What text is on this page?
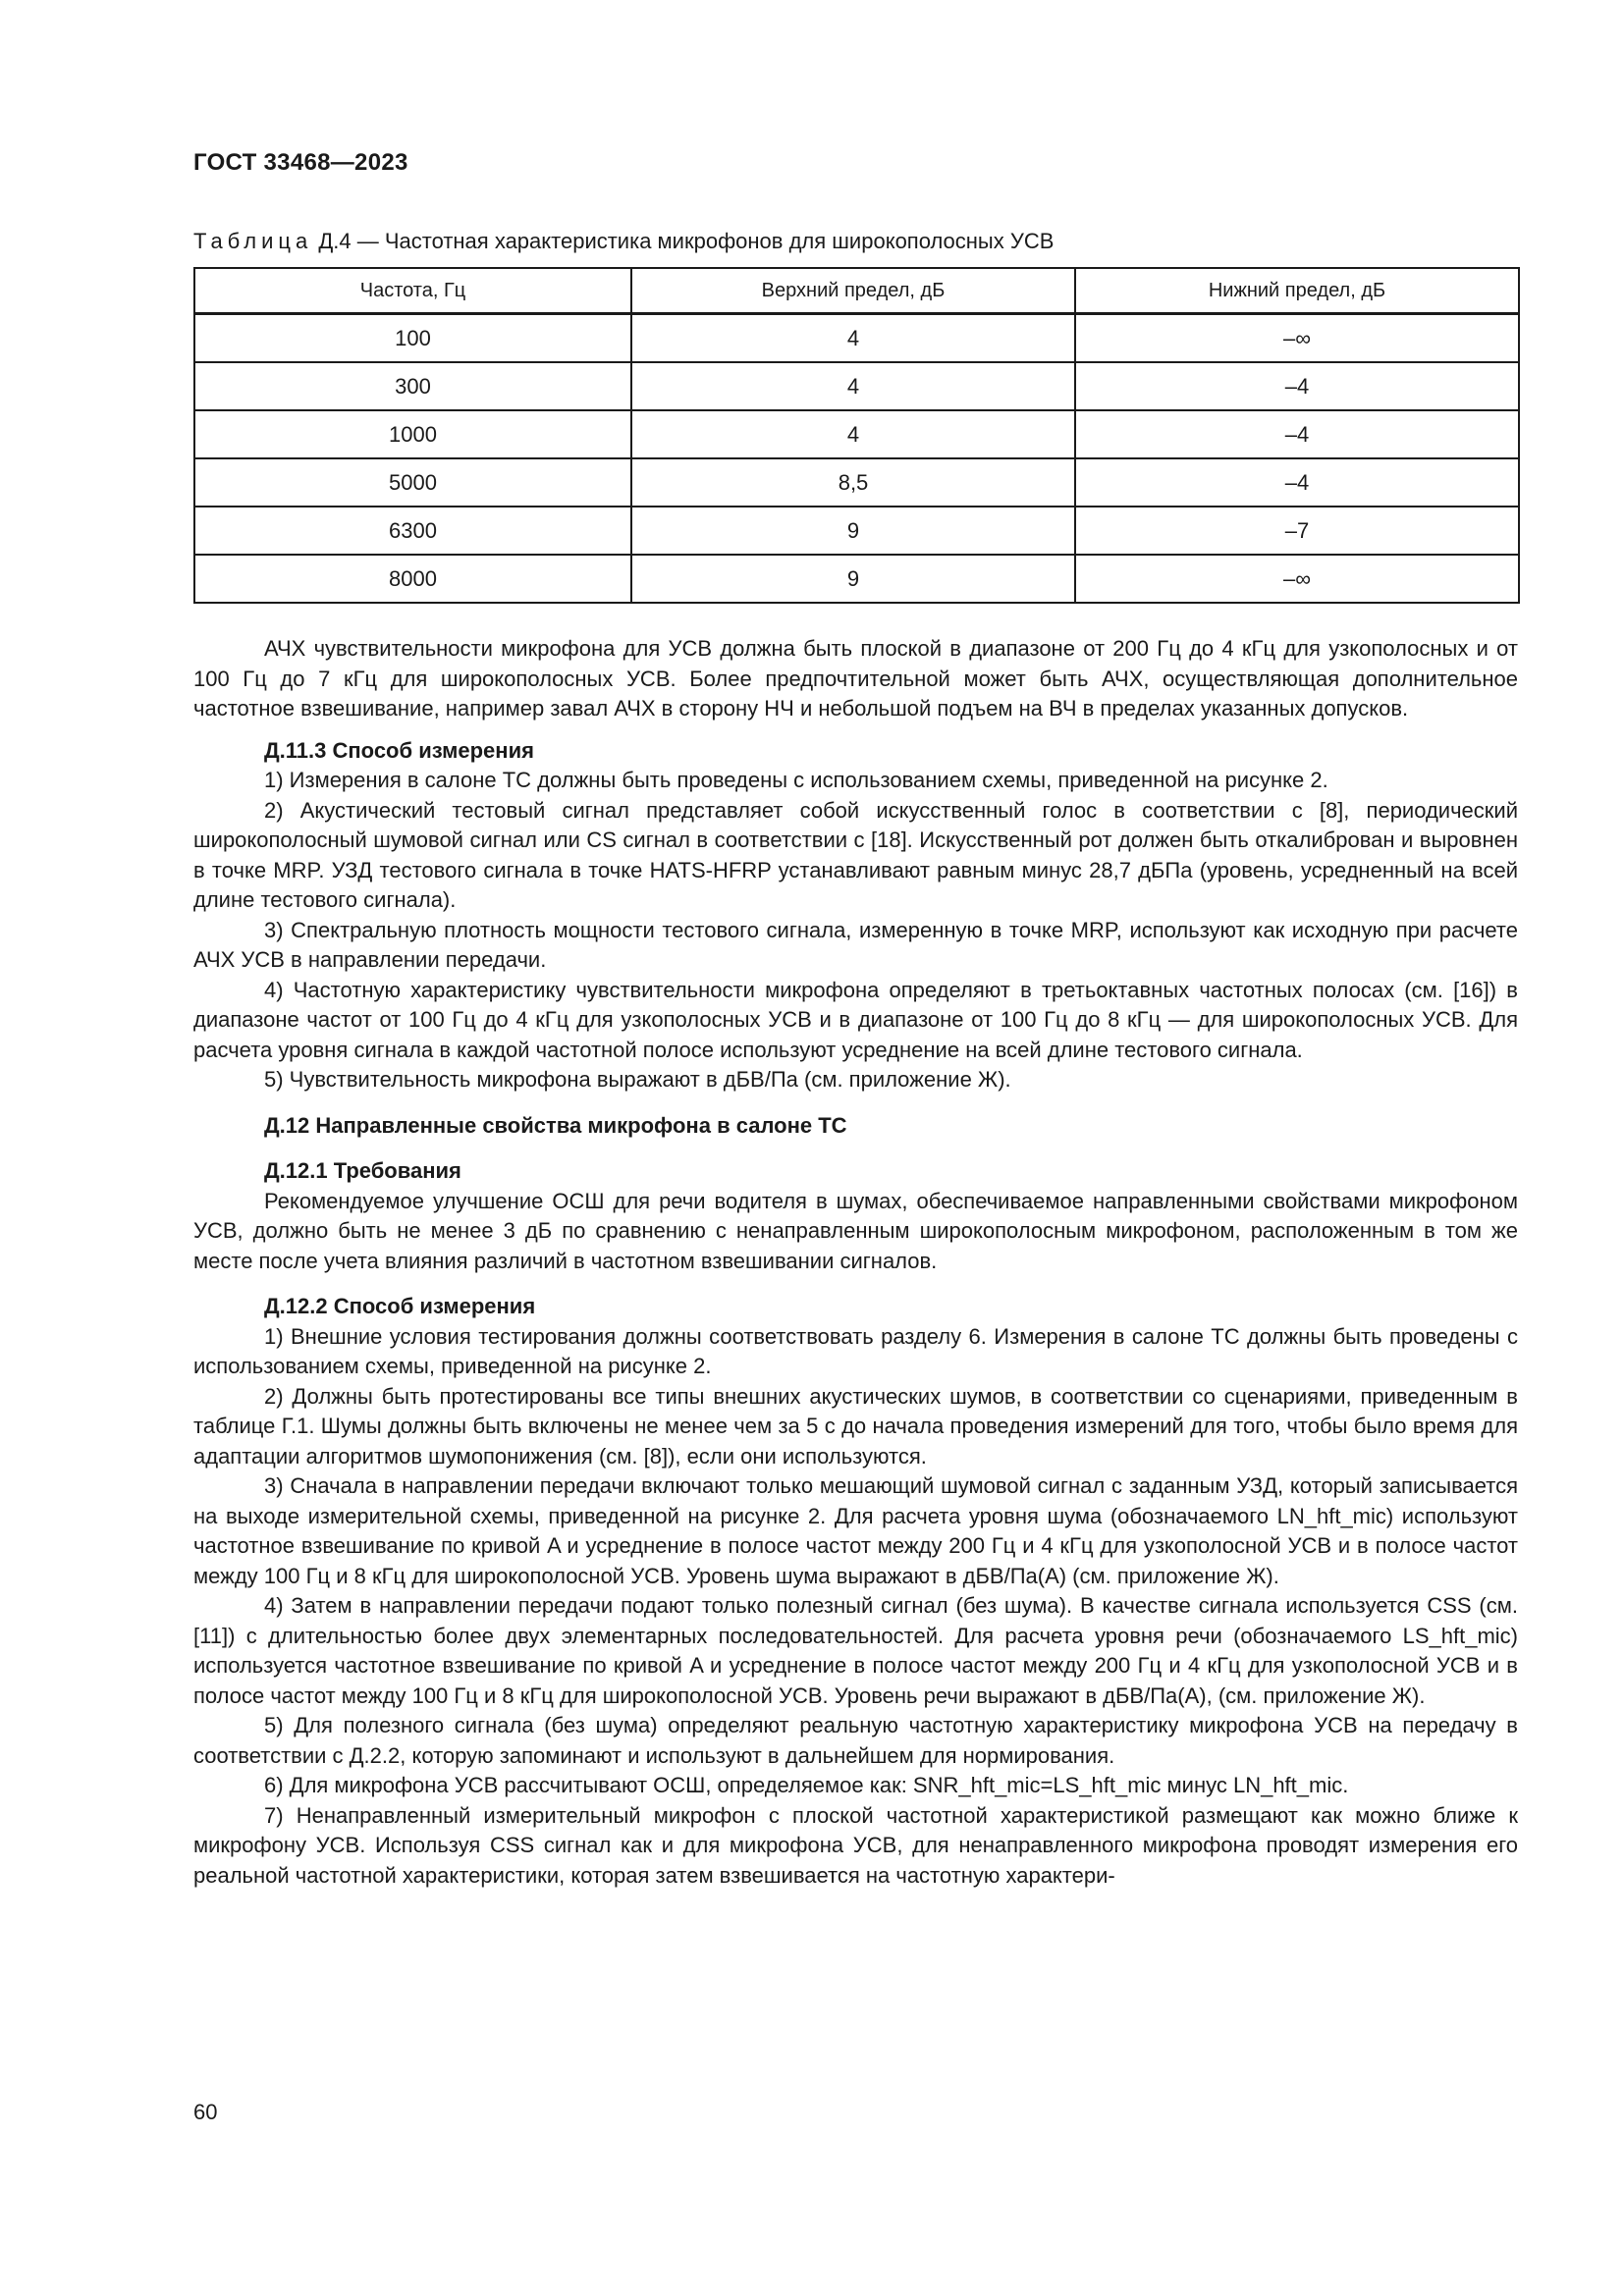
ГОСТ 33468—2023
Таблица Д.4 — Частотная характеристика микрофонов для широкополосных УСВ
Частота, Гц	Верхний предел, дБ	Нижний предел, дБ
100	4	–∞
300	4	–4
1000	4	–4
5000	8,5	–4
6300	9	–7
8000	9	–∞

АЧХ чувствительности микрофона для УСВ должна быть плоской в диапазоне от 200 Гц до 4 кГц для узкополосных и от 100 Гц до 7 кГц для широкополосных УСВ. Более предпочтительной может быть АЧХ, осуществляющая дополнительное частотное взвешивание, например завал АЧХ в сторону НЧ и небольшой подъем на ВЧ в пределах указанных допусков.

Д.11.3 Способ измерения

1) Измерения в салоне ТС должны быть проведены с использованием схемы, приведенной на рисунке 2.

2) Акустический тестовый сигнал представляет собой искусственный голос в соответствии с [8], периодический широкополосный шумовой сигнал или CS сигнал в соответствии с [18]. Искусственный рот должен быть откалиброван и выровнен в точке MRP. УЗД тестового сигнала в точке HATS-HFRP устанавливают равным минус 28,7 дБПа (уровень, усредненный на всей длине тестового сигнала).

3) Спектральную плотность мощности тестового сигнала, измеренную в точке MRP, используют как исходную при расчете АЧХ УСВ в направлении передачи.

4) Частотную характеристику чувствительности микрофона определяют в третьоктавных частотных полосах (см. [16]) в диапазоне частот от 100 Гц до 4 кГц для узкополосных УСВ и в диапазоне от 100 Гц до 8 кГц — для широкополосных УСВ. Для расчета уровня сигнала в каждой частотной полосе используют усреднение на всей длине тестового сигнала.

5) Чувствительность микрофона выражают в дБВ/Па (см. приложение Ж).

Д.12 Направленные свойства микрофона в салоне ТС
Д.12.1 Требования

Рекомендуемое улучшение ОСШ для речи водителя в шумах, обеспечиваемое направленными свойствами микрофоном УСВ, должно быть не менее 3 дБ по сравнению с ненаправленным широкополосным микрофоном, расположенным в том же месте после учета влияния различий в частотном взвешивании сигналов.

Д.12.2 Способ измерения

1) Внешние условия тестирования должны соответствовать разделу 6. Измерения в салоне ТС должны быть проведены с использованием схемы, приведенной на рисунке 2.

2) Должны быть протестированы все типы внешних акустических шумов, в соответствии со сценариями, приведенным в таблице Г.1. Шумы должны быть включены не менее чем за 5 с до начала проведения измерений для того, чтобы было время для адаптации алгоритмов шумопонижения (см. [8]), если они используются.

3) Сначала в направлении передачи включают только мешающий шумовой сигнал с заданным УЗД, который записывается на выходе измерительной схемы, приведенной на рисунке 2. Для расчета уровня шума (обозначаемого LN_hft_mic) используют частотное взвешивание по кривой A и усреднение в полосе частот между 200 Гц и 4 кГц для узкополосной УСВ и в полосе частот между 100 Гц и 8 кГц для широкополосной УСВ. Уровень шума выражают в дБВ/Па(A) (см. приложение Ж).

4) Затем в направлении передачи подают только полезный сигнал (без шума). В качестве сигнала используется CSS (см. [11]) с длительностью более двух элементарных последовательностей. Для расчета уровня речи (обозначаемого LS_hft_mic) используется частотное взвешивание по кривой A и усреднение в полосе частот между 200 Гц и 4 кГц для узкополосной УСВ и в полосе частот между 100 Гц и 8 кГц для широкополосной УСВ. Уровень речи выражают в дБВ/Па(A), (см. приложение Ж).

5) Для полезного сигнала (без шума) определяют реальную частотную характеристику микрофона УСВ на передачу в соответствии с Д.2.2, которую запоминают и используют в дальнейшем для нормирования.

6) Для микрофона УСВ рассчитывают ОСШ, определяемое как: SNR_hft_mic=LS_hft_mic минус LN_hft_mic.

7) Ненаправленный измерительный микрофон с плоской частотной характеристикой размещают как можно ближе к микрофону УСВ. Используя CSS сигнал как и для микрофона УСВ, для ненаправленного микрофона проводят измерения его реальной частотной характеристики, которая затем взвешивается на частотную характери-

60
